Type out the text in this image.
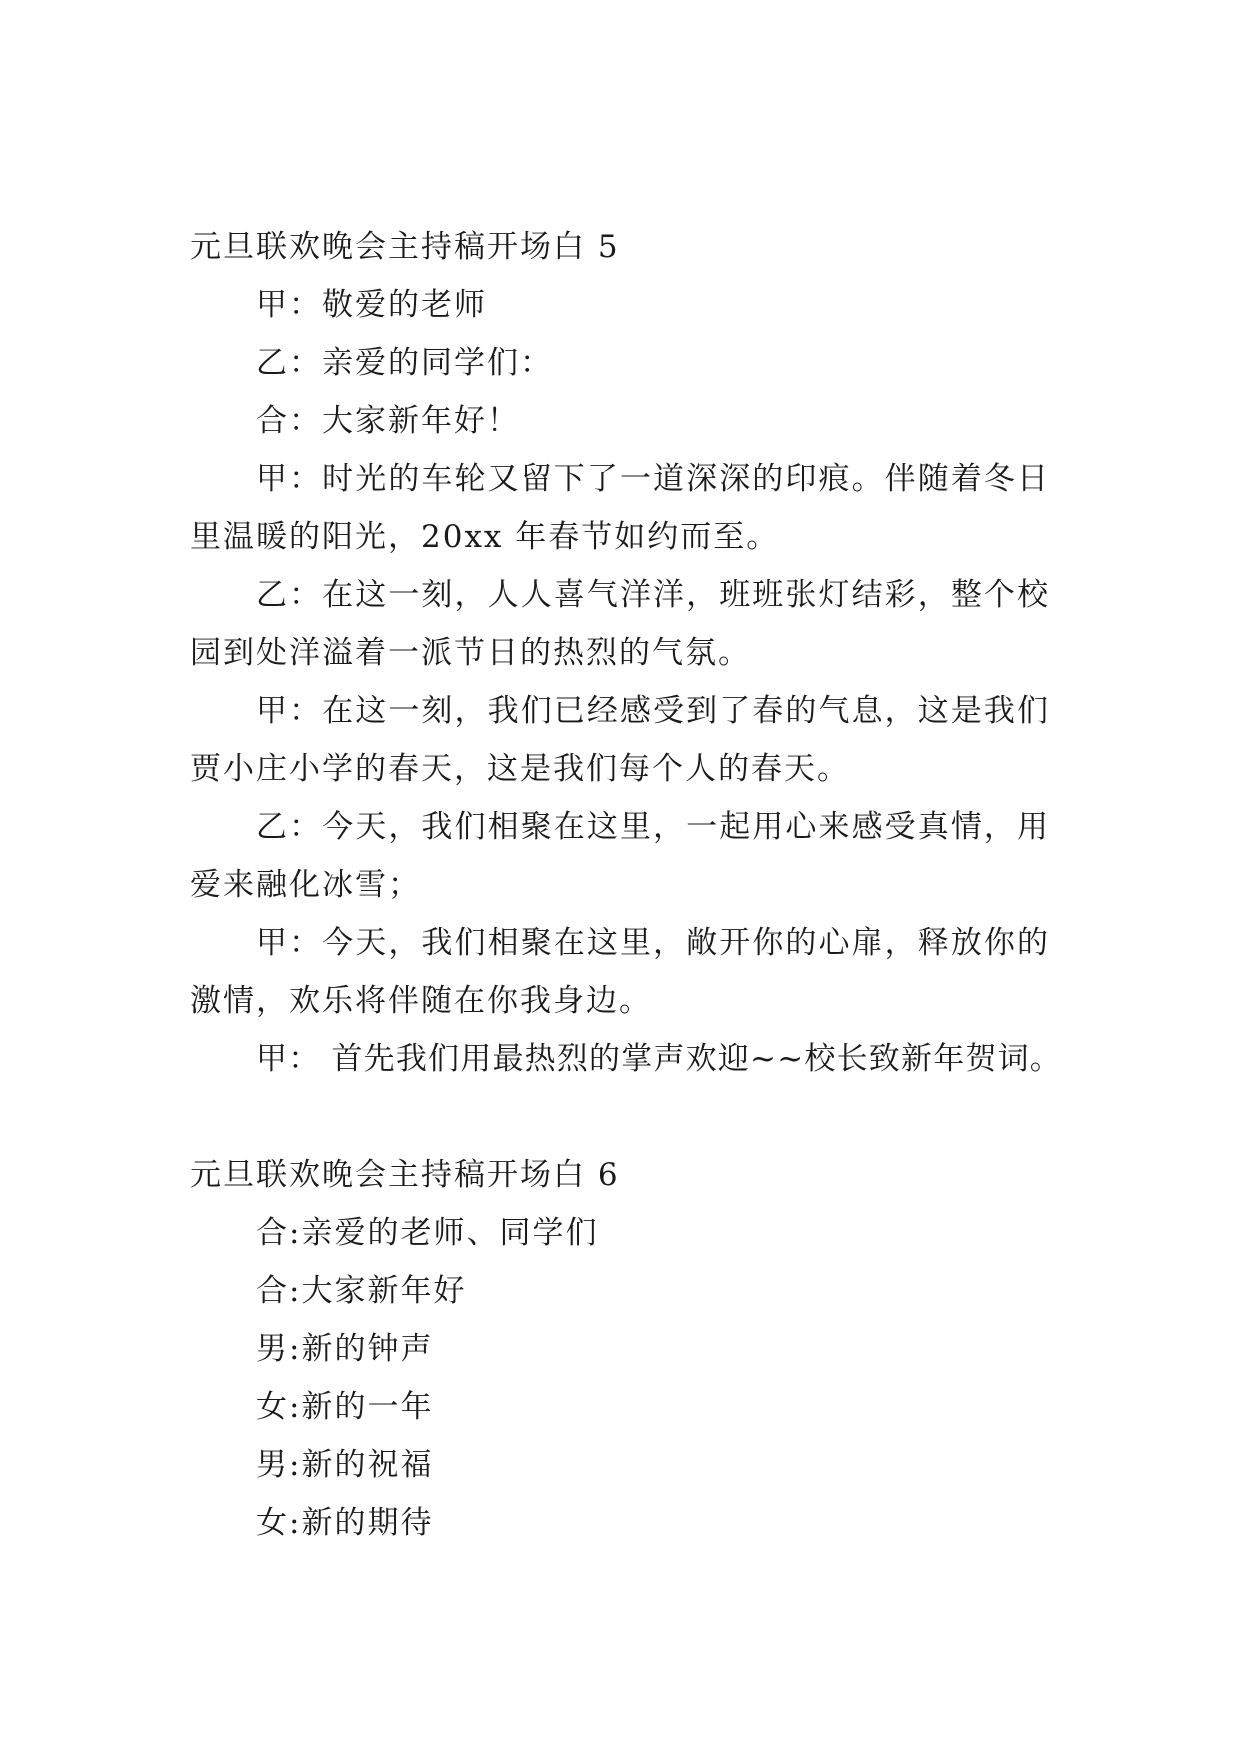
元旦联欢晚会主持稿开场白 5

甲：敬爱的老师

乙：亲爱的同学们：

合：大家新年好！

甲：时光的车轮又留下了一道深深的印痕。伴随着冬日里温暖的阳光，20xx 年春节如约而至。

乙：在这一刻，人人喜气洋洋，班班张灯结彩，整个校园到处洋溢着一派节日的热烈的气氛。

甲：在这一刻，我们已经感受到了春的气息，这是我们贾小庄小学的春天，这是我们每个人的春天。

乙：今天，我们相聚在这里，一起用心来感受真情，用爱来融化冰雪；

甲：今天，我们相聚在这里，敞开你的心扉，释放你的激情，欢乐将伴随在你我身边。

甲： 首先我们用最热烈的掌声欢迎~~校长致新年贺词。

元旦联欢晚会主持稿开场白 6

合:亲爱的老师、同学们

合:大家新年好

男:新的钟声

女:新的一年

男:新的祝福

女:新的期待
